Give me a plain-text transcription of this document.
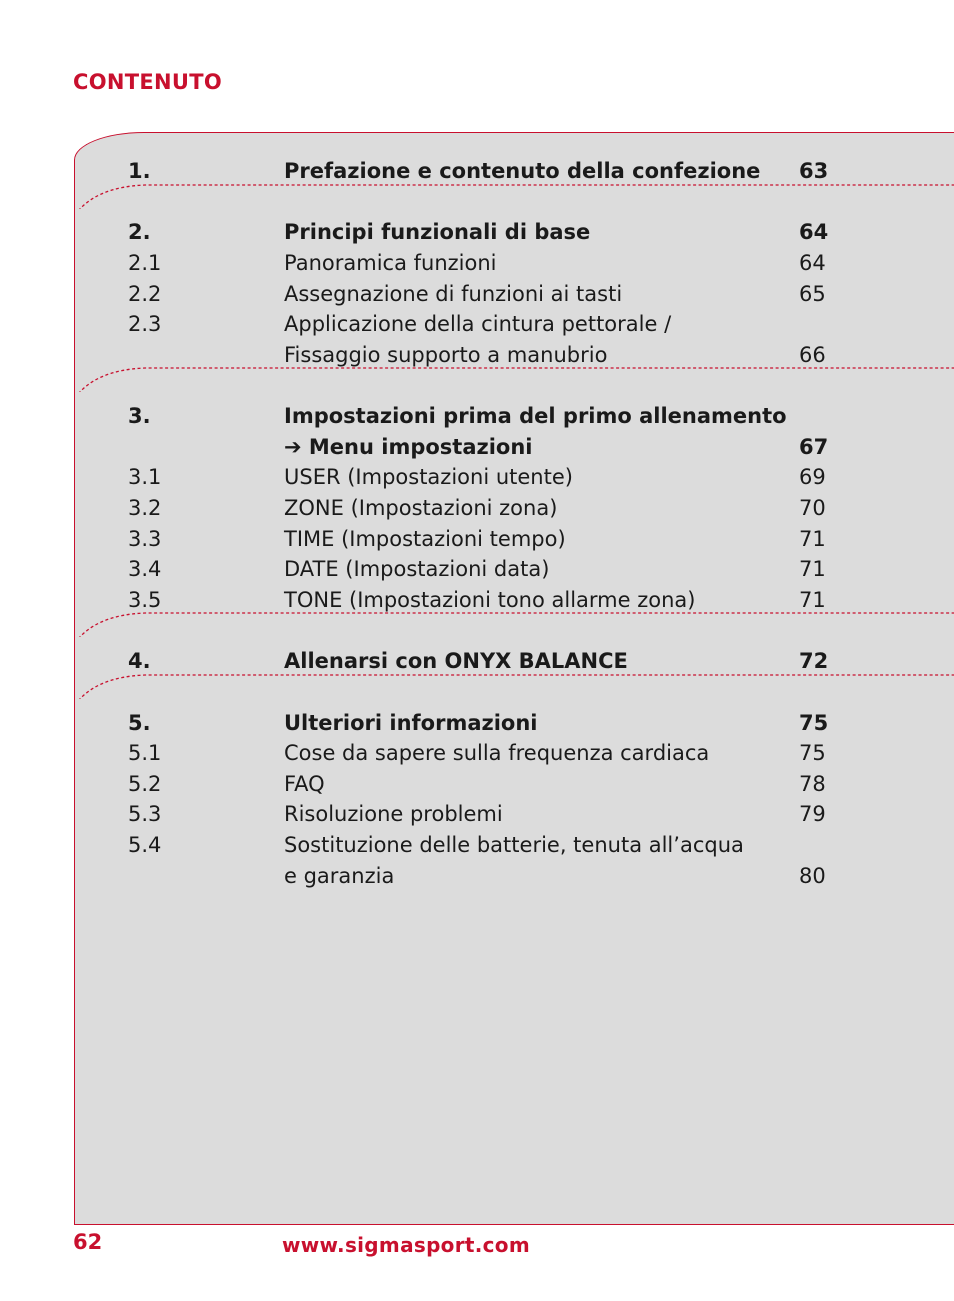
CONTENUTO
1.	Prefazione e contenuto della confezione 63
2.	Principi funzionali di base	64
2.1	Panoramica funzioni	64
2.2	Assegnazione di funzioni ai tasti	65
2.3	Applicazione della cintura pettorale /
Fissaggio supporto a manubrio	66
3.	Impostazioni prima del primo allenamento
➔ Menu impostazioni	67
3.1	USER (Impostazioni utente)	69
3.2	ZONE (Impostazioni zona)	70
3.3	TIME (Impostazioni tempo)	71
3.4	DATE (Impostazioni data)	71
3.5	TONE (Impostazioni tono allarme zona)	71
4.	Allenarsi con ONYX BALANCE	72
5.	Ulteriori informazioni	75
5.1	Cose da sapere sulla frequenza cardiaca	75
5.2	FAQ	78
5.3	Risoluzione problemi	79
5.4	Sostituzione delle batterie, tenuta all’acqua
e garanzia	80
62	www.sigmasport.com
